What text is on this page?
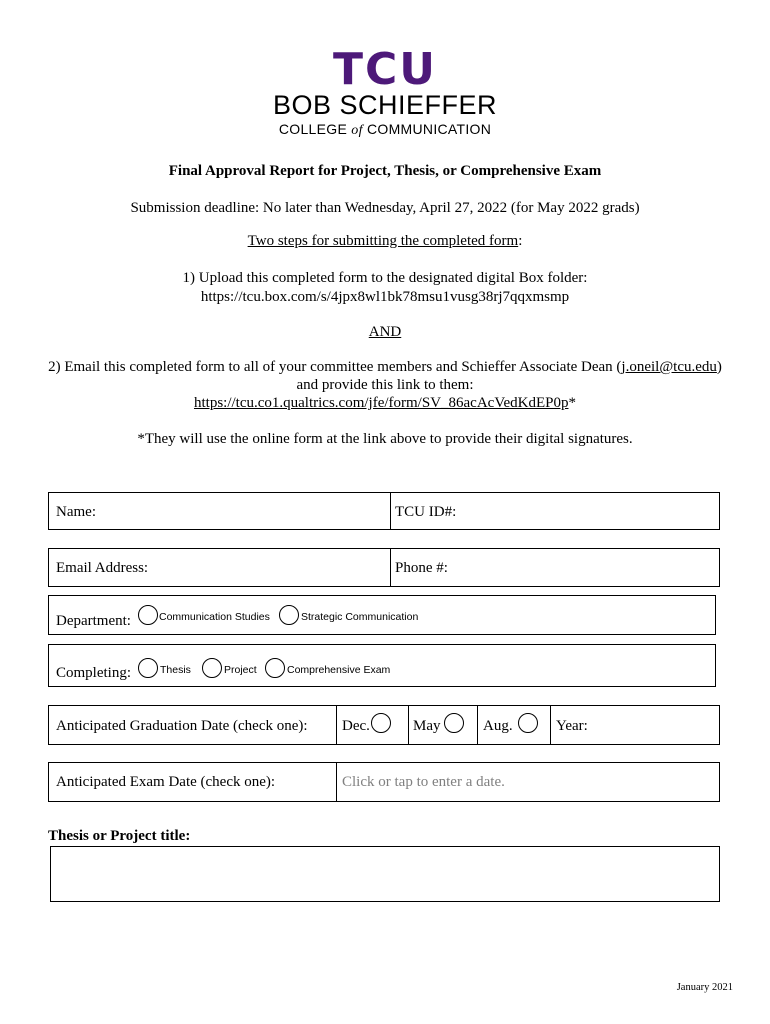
TCU
BOB SCHIEFFER
COLLEGE of COMMUNICATION
Final Approval Report for Project, Thesis, or Comprehensive Exam
Submission deadline: No later than Wednesday, April 27, 2022 (for May 2022 grads)
Two steps for submitting the completed form:
1) Upload this completed form to the designated digital Box folder:
https://tcu.box.com/s/4jpx8wl1bk78msu1vusg38rj7qqxmsmp
AND
2) Email this completed form to all of your committee members and Schieffer Associate Dean (j.oneil@tcu.edu)
and provide this link to them:
https://tcu.co1.qualtrics.com/jfe/form/SV_86acAcVedKdEP0p*
*They will use the online form at the link above to provide their digital signatures.
Name:	TCU ID#:
Email Address:	Phone #:
Department:	Communication Studies	Strategic Communication
Completing:	Thesis	Project	Comprehensive Exam
Anticipated Graduation Date (check one): Dec.	May	Aug.	Year:
Anticipated Exam Date (check one):	Click or tap to enter a date.
Thesis or Project title:
January 2021
